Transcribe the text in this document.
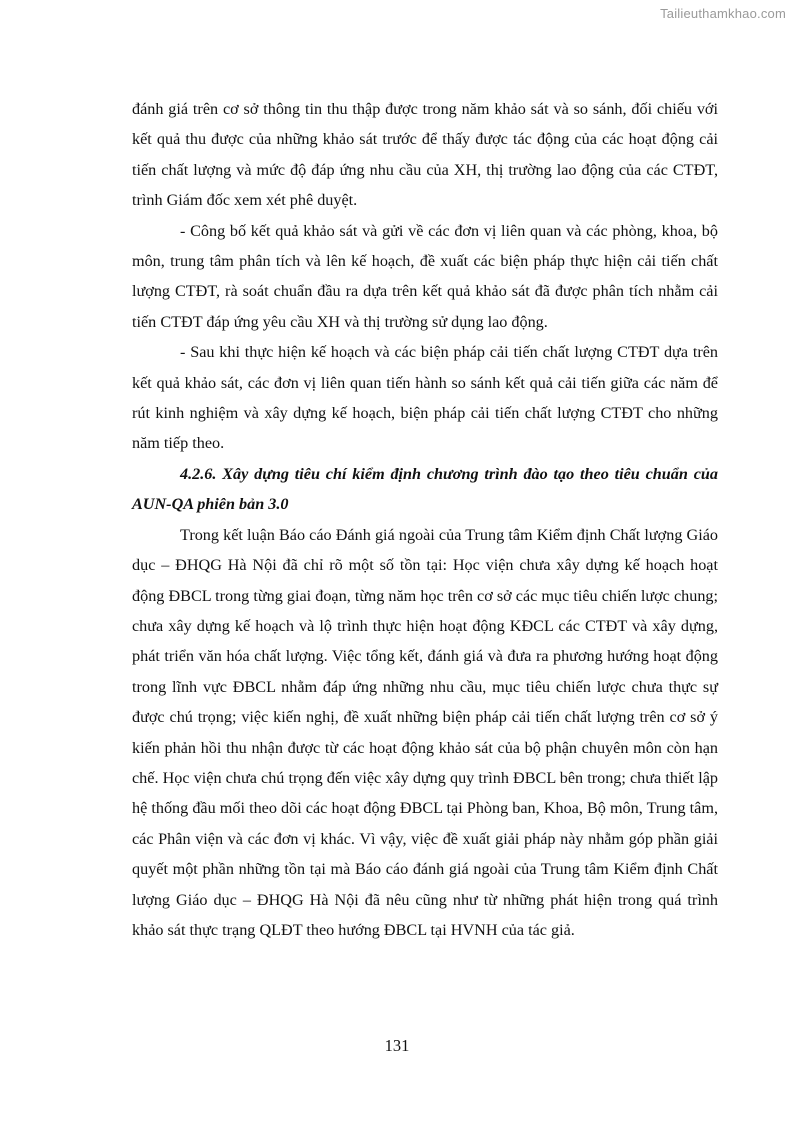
Tailieuthamkhao.com

đánh giá trên cơ sở thông tin thu thập được trong năm khảo sát và so sánh, đối chiếu với kết quả thu được của những khảo sát trước để thấy được tác động của các hoạt động cải tiến chất lượng và mức độ đáp ứng nhu cầu của XH, thị trường lao động của các CTĐT, trình Giám đốc xem xét phê duyệt.

- Công bố kết quả khảo sát và gửi về các đơn vị liên quan và các phòng, khoa, bộ môn, trung tâm phân tích và lên kế hoạch, đề xuất các biện pháp thực hiện cải tiến chất lượng CTĐT, rà soát chuẩn đầu ra dựa trên kết quả khảo sát đã được phân tích nhằm cải tiến CTĐT đáp ứng yêu cầu XH và thị trường sử dụng lao động.

- Sau khi thực hiện kế hoạch và các biện pháp cải tiến chất lượng CTĐT dựa trên kết quả khảo sát, các đơn vị liên quan tiến hành so sánh kết quả cải tiến giữa các năm để rút kinh nghiệm và xây dựng kế hoạch, biện pháp cải tiến chất lượng CTĐT cho những năm tiếp theo.

4.2.6. Xây dựng tiêu chí kiểm định chương trình đào tạo theo tiêu chuẩn của AUN-QA phiên bản 3.0

Trong kết luận Báo cáo Đánh giá ngoài của Trung tâm Kiểm định Chất lượng Giáo dục – ĐHQG Hà Nội đã chỉ rõ một số tồn tại: Học viện chưa xây dựng kế hoạch hoạt động ĐBCL trong từng giai đoạn, từng năm học trên cơ sở các mục tiêu chiến lược chung; chưa xây dựng kế hoạch và lộ trình thực hiện hoạt động KĐCL các CTĐT và xây dựng, phát triển văn hóa chất lượng. Việc tổng kết, đánh giá và đưa ra phương hướng hoạt động trong lĩnh vực ĐBCL nhằm đáp ứng những nhu cầu, mục tiêu chiến lược chưa thực sự được chú trọng; việc kiến nghị, đề xuất những biện pháp cải tiến chất lượng trên cơ sở ý kiến phản hồi thu nhận được từ các hoạt động khảo sát của bộ phận chuyên môn còn hạn chế. Học viện chưa chú trọng đến việc xây dựng quy trình ĐBCL bên trong; chưa thiết lập hệ thống đầu mối theo dõi các hoạt động ĐBCL tại Phòng ban, Khoa, Bộ môn, Trung tâm, các Phân viện và các đơn vị khác. Vì vậy, việc đề xuất giải pháp này nhằm góp phần giải quyết một phần những tồn tại mà Báo cáo đánh giá ngoài của Trung tâm Kiểm định Chất lượng Giáo dục – ĐHQG Hà Nội đã nêu cũng như từ những phát hiện trong quá trình khảo sát thực trạng QLĐT theo hướng ĐBCL tại HVNH của tác giả.

131
